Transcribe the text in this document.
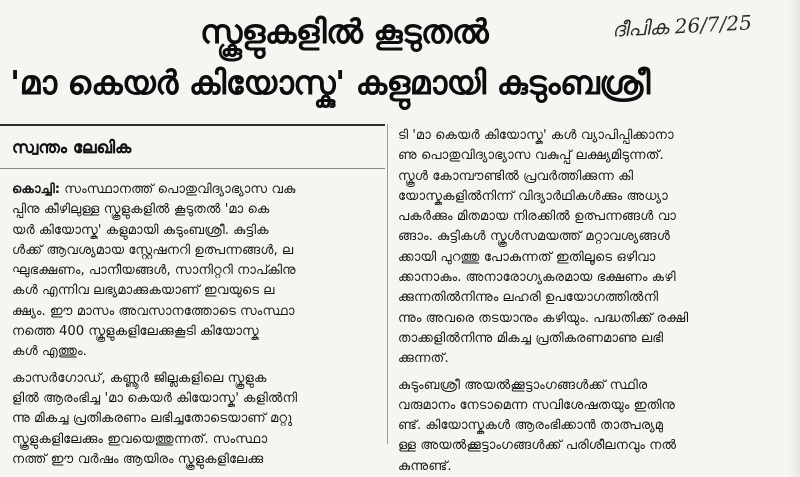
സ്കൂളുകളിൽ കൂടുതൽ
'മാ കെയർ കിയോസ്കു' കളുമായി കുടുംബശ്രീ
ദീപിക 26/7/25
സ്വന്തം ലേഖിക
കൊച്ചി: സംസ്ഥാനത്ത് പൊതുവിദ്യാഭ്യാസ വകു
പ്പിനു കീഴിലുള്ള സ്കൂളുകളിൽ കൂടുതൽ 'മാ കെ
യർ കിയോസ്കു' കളുമായി കുടുംബശ്രീ. കുട്ടിക
ൾക്ക് ആവശ്യമായ സ്റ്റേഷനറി ഉത്പന്നങ്ങൾ, ല
ഘുഭക്ഷണം, പാനീയങ്ങൾ, സാനിറ്ററി നാപ്കിനു
കൾ എന്നിവ ലഭ്യമാക്കുകയാണ് ഇവയുടെ ല
ക്ഷ്യം. ഈ മാസം അവസാനത്തോടെ സംസ്ഥാ
നത്തെ 400 സ്കൂളുകളിലേക്കുകൂടി കിയോസ്കു
കൾ എത്തും.
കാസർഗോഡ്, കണ്ണൂർ ജില്ലകളിലെ സ്കൂളുക
ളിൽ ആരംഭിച്ച 'മാ കെയർ കിയോസ്കു' കളിൽനി
ന്നു മികച്ച പ്രതികരണം ലഭിച്ചതോടെയാണ് മറ്റു
സ്കൂളുകളിലേക്കും ഇവയെത്തുന്നത്. സംസ്ഥാ
നത്ത് ഈ വർഷം ആയിരം സ്കൂളുകളിലേക്കു
ടി 'മാ കെയർ കിയോസ്കു' കൾ വ്യാപിപ്പിക്കാനാ
ണു പൊതുവിദ്യാഭ്യാസ വകുപ്പ് ലക്ഷ്യമിടുന്നത്.
സ്കൂൾ കോമ്പൗണ്ടിൽ പ്രവർത്തിക്കുന്ന കി
യോസ്കുകളിൽനിന്ന് വിദ്യാർഥികൾക്കും അധ്യാ
പകർക്കും മിതമായ നിരക്കിൽ ഉത്പന്നങ്ങൾ വാ
ങ്ങാം. കുട്ടികൾ സ്കൂൾസമയത്ത് മറ്റാവശ്യങ്ങൾ
ക്കായി പുറത്തു പോകുന്നത് ഇതിലൂടെ ഒഴിവാ
ക്കാനാകും. അനാരോഗ്യകരമായ ഭക്ഷണം കഴി
ക്കുന്നതിൽനിന്നും ലഹരി ഉപയോഗത്തിൽനി
ന്നും അവരെ തടയാനും കഴിയും. പദ്ധതിക്ക് രക്ഷി
താക്കളിൽനിന്നു മികച്ച പ്രതികരണമാണു ലഭി
ക്കുന്നത്.
കുടുംബശ്രീ അയൽക്കൂട്ടാംഗങ്ങൾക്ക് സ്ഥിര
വരുമാനം നേടാമെന്ന സവിശേഷതയും ഇതിനു
ണ്ട്. കിയോസ്കുകൾ ആരംഭിക്കാൻ താത്പര്യമു
ള്ള അയൽക്കൂട്ടാംഗങ്ങൾക്ക് പരിശീലനവും നൽ
കുന്നുണ്ട്.
